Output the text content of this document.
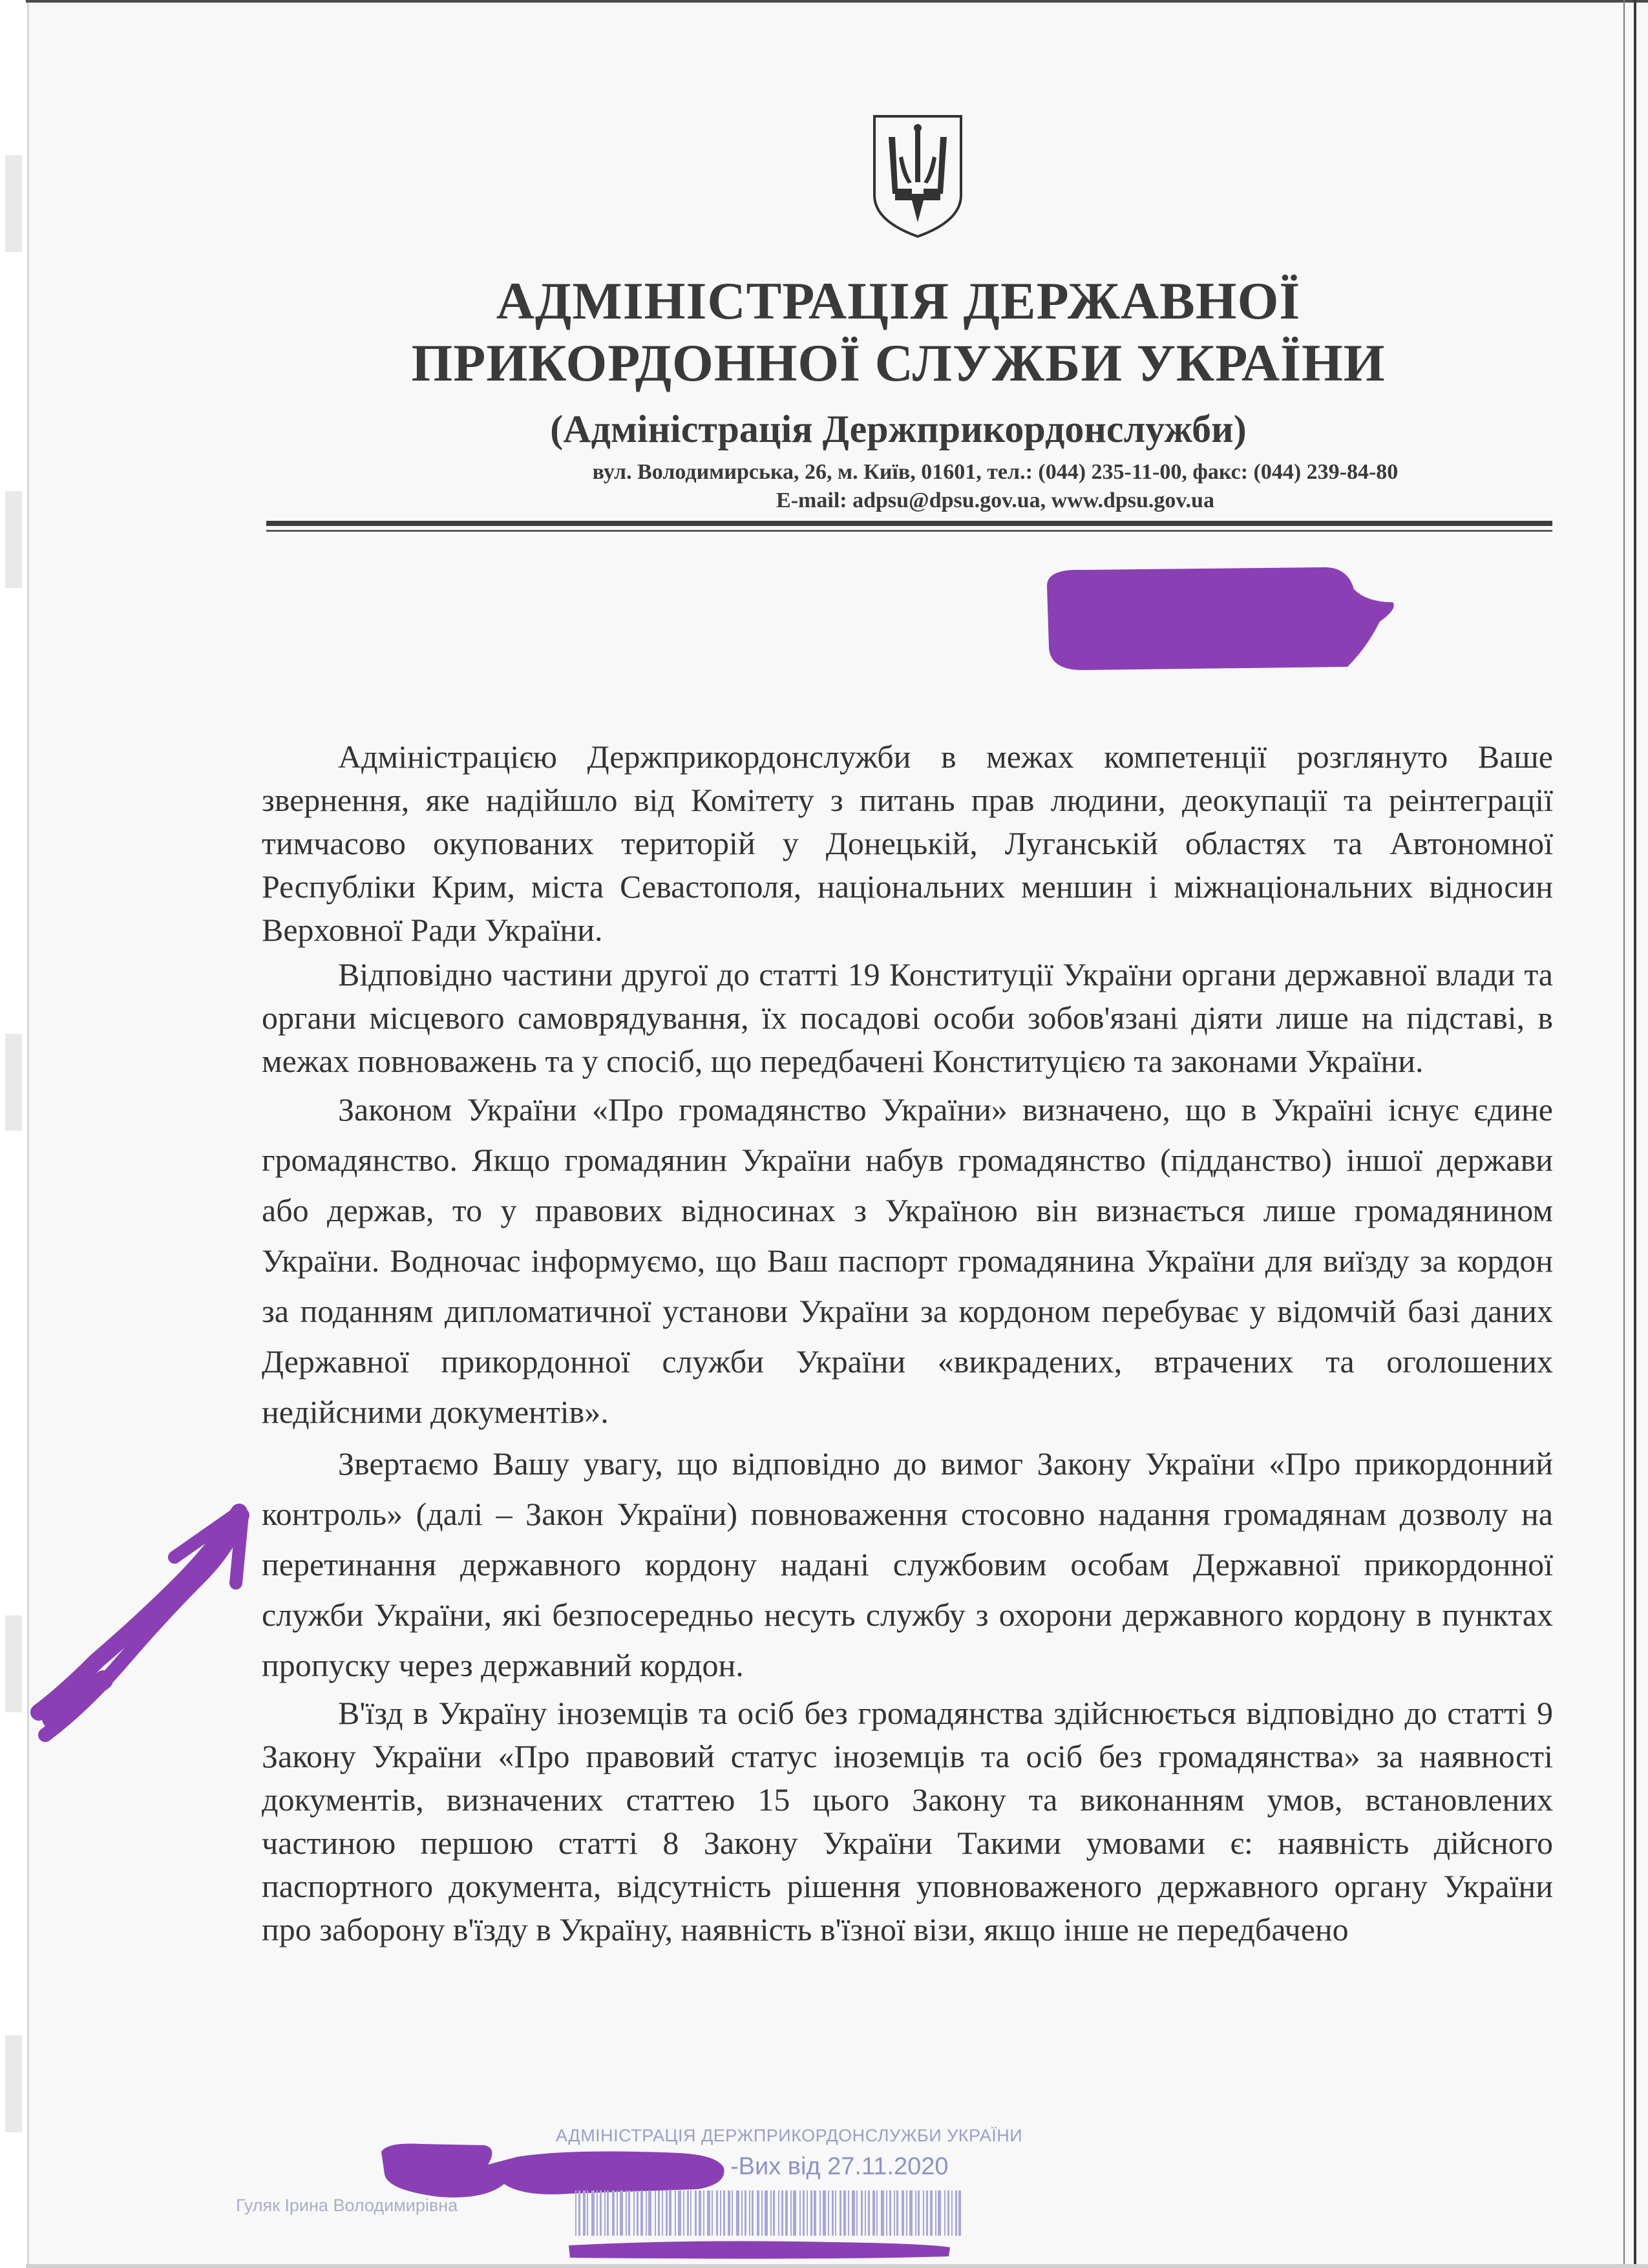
АДМІНІСТРАЦІЯ ДЕРЖАВНОЇ
ПРИКОРДОННОЇ СЛУЖБИ УКРАЇНИ
(Адміністрація Держприкордонслужби)
вул. Володимирська, 26, м. Київ, 01601, тел.: (044) 235-11-00, факс: (044) 239-84-80
E-mail: adpsu@dpsu.gov.ua, www.dpsu.gov.ua

Адміністрацією Держприкордонслужби в межах компетенції розглянуто Ваше звернення, яке надійшло від Комітету з питань прав людини, деокупації та реінтеграції тимчасово окупованих територій у Донецькій, Луганській областях та Автономної Республіки Крим, міста Севастополя, національних меншин і міжнаціональних відносин Верховної Ради України.

Відповідно частини другої до статті 19 Конституції України органи державної влади та органи місцевого самоврядування, їх посадові особи зобов'язані діяти лише на підставі, в межах повноважень та у спосіб, що передбачені Конституцією та законами України.

Законом України «Про громадянство України» визначено, що в Україні існує єдине громадянство. Якщо громадянин України набув громадянство (підданство) іншої держави або держав, то у правових відносинах з Україною він визнається лише громадянином України. Водночас інформуємо, що Ваш паспорт громадянина України для виїзду за кордон за поданням дипломатичної установи України за кордоном перебуває у відомчій базі даних Державної прикордонної служби України «викрадених, втрачених та оголошених недійсними документів».

Звертаємо Вашу увагу, що відповідно до вимог Закону України «Про прикордонний контроль» (далі – Закон України) повноваження стосовно надання громадянам дозволу на перетинання державного кордону надані службовим особам Державної прикордонної служби України, які безпосередньо несуть службу з охорони державного кордону в пунктах пропуску через державний кордон.

В'їзд в Україну іноземців та осіб без громадянства здійснюється відповідно до статті 9 Закону України «Про правовий статус іноземців та осіб без громадянства» за наявності документів, визначених статтею 15 цього Закону та виконанням умов, встановлених частиною першою статті 8 Закону України Такими умовами є: наявність дійсного паспортного документа, відсутність рішення уповноваженого державного органу України про заборону в'їзду в Україну, наявність в'їзної візи, якщо інше не передбачено

АДМІНІСТРАЦІЯ ДЕРЖПРИКОРДОНСЛУЖБИ УКРАЇНИ
-Вих від 27.11.2020
Гуляк Ірина Володимирівна
